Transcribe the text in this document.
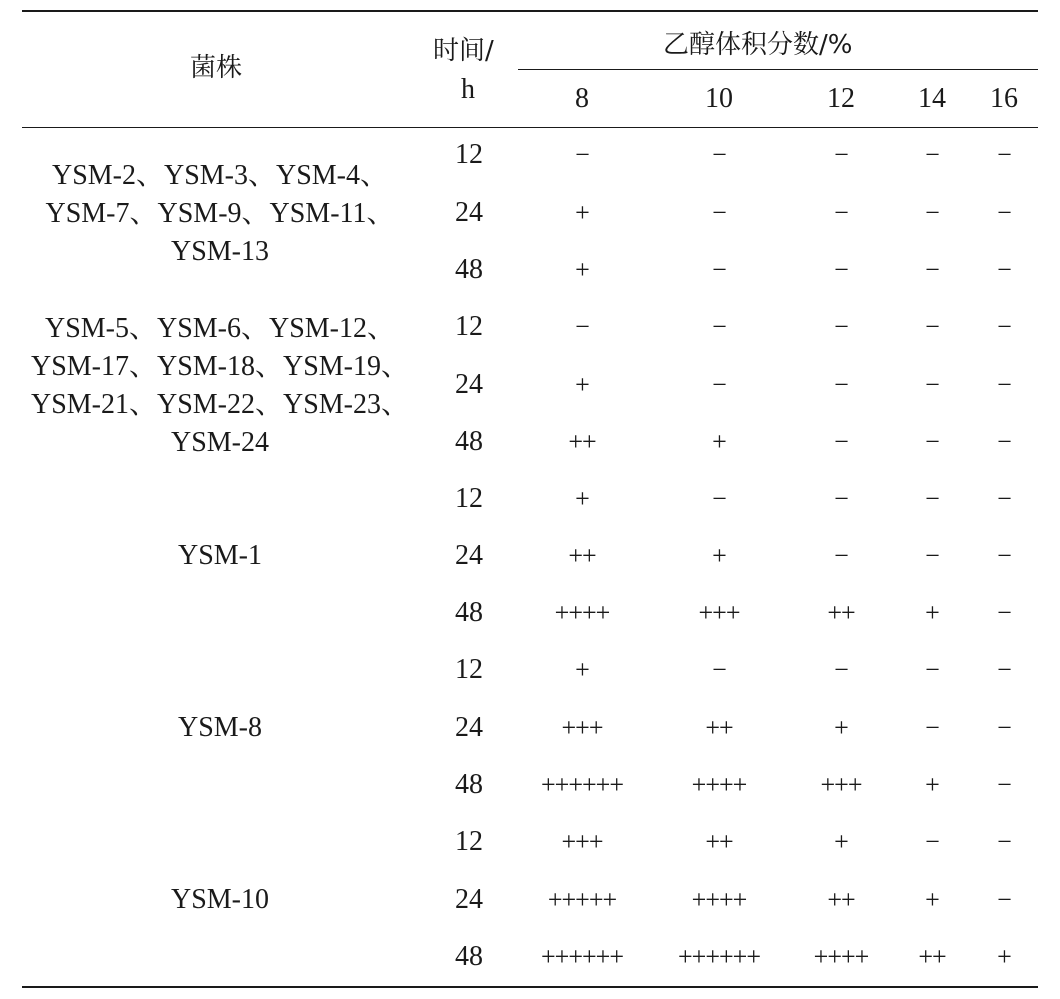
菌株
时间/
h
乙醇体积分数/%
8	10	12 14 16
YSM-2、YSM-3、YSM-4、
YSM-7、YSM-9、YSM-11、
YSM-13
12	−	−	−	− −
24	+	−	−	− −
48	+	−	−	− −
YSM-5、YSM-6、YSM-12、
YSM-17、YSM-18、YSM-19、
YSM-21、YSM-22、YSM-23、
YSM-24
12	−	−	−	− −
24	+	−	−	− −
48	++	+	−	− −
YSM-1
12	+	−	−	− −
24	++	+	−	− −
48	++++	+++	++	+ −
YSM-8
12	+	−	−	− −
24	+++	++	+	− −
48 ++++++	++++	+++ + −
YSM-10
12	+++	++	+	− −
24 +++++	++++	++	+ −
48 ++++++ ++++++ ++++ ++ +
